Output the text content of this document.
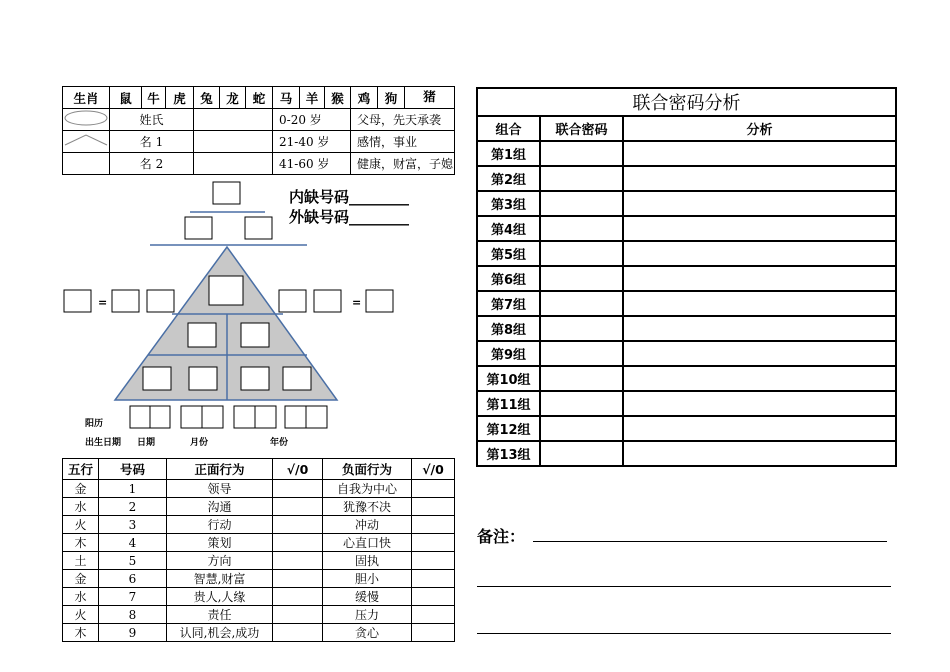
生肖	鼠	牛	虎	兔	龙	蛇	马	羊	猴	鸡	狗	猪
	姓氏						0-20 岁			父母，先天承袭		
	名 1						21-40 岁			感情，事业		
	名 2						41-60 岁			健康，财富，子媳		
内缺号码________
外缺号码________
=	=
阳历
出生日期 日期	月份	年份
五行	号码	正面行为	√/0	负面行为	√/0
金	1	领导		自我为中心	
水	2	沟通		犹豫不决	
火	3	行动		冲动	
木	4	策划		心直口快	
土	5	方向		固执	
金	6	智慧,财富		胆小	
水	7	贵人,人缘		缓慢	
火	8	责任		压力	
木	9	认同,机会,成功		贪心	
联合密码分析		
组合	联合密码	分析
第1组		
第2组		
第3组		
第4组		
第5组		
第6组		
第7组		
第8组		
第9组		
第10组		
第11组		
第12组		
第13组		
备注：
